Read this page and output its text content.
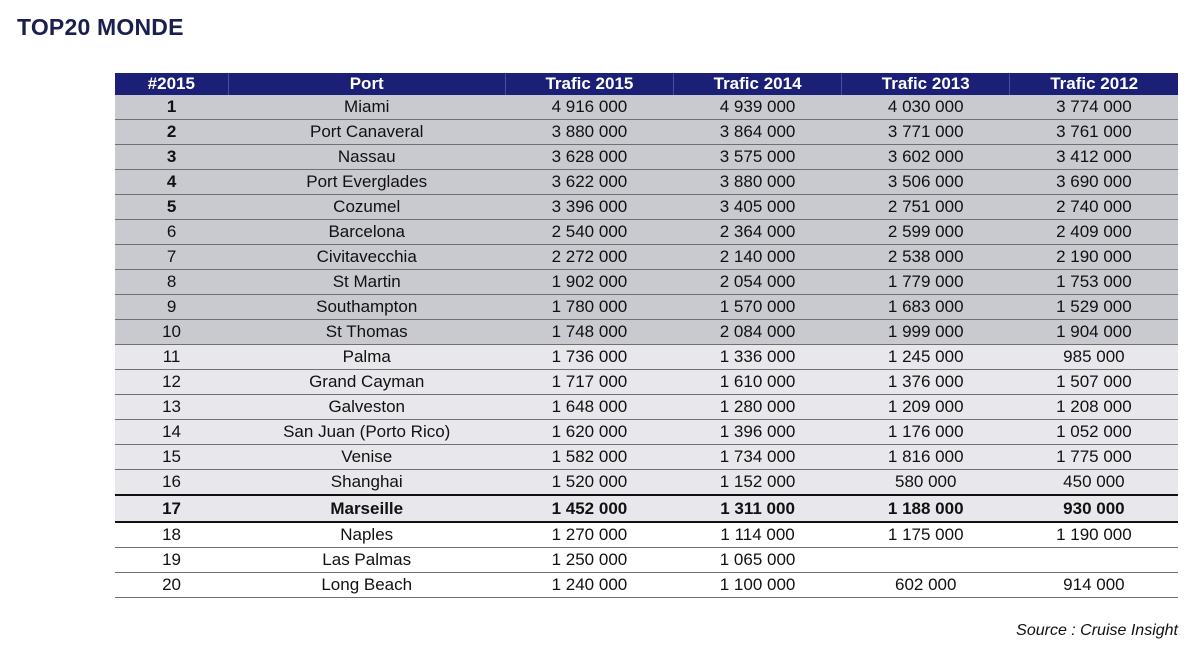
TOP20 MONDE
#2015	Port	Trafic 2015	Trafic 2014	Trafic 2013	Trafic 2012
1	Miami	4 916 000	4 939 000	4 030 000	3 774 000
2	Port Canaveral	3 880 000	3 864 000	3 771 000	3 761 000
3	Nassau	3 628 000	3 575 000	3 602 000	3 412 000
4	Port Everglades	3 622 000	3 880 000	3 506 000	3 690 000
5	Cozumel	3 396 000	3 405 000	2 751 000	2 740 000
6	Barcelona	2 540 000	2 364 000	2 599 000	2 409 000
7	Civitavecchia	2 272 000	2 140 000	2 538 000	2 190 000
8	St Martin	1 902 000	2 054 000	1 779 000	1 753 000
9	Southampton	1 780 000	1 570 000	1 683 000	1 529 000
10	St Thomas	1 748 000	2 084 000	1 999 000	1 904 000
11	Palma	1 736 000	1 336 000	1 245 000	985 000
12	Grand Cayman	1 717 000	1 610 000	1 376 000	1 507 000
13	Galveston	1 648 000	1 280 000	1 209 000	1 208 000
14	San Juan (Porto Rico)	1 620 000	1 396 000	1 176 000	1 052 000
15	Venise	1 582 000	1 734 000	1 816 000	1 775 000
16	Shanghai	1 520 000	1 152 000	580 000	450 000
17	Marseille	1 452 000	1 311 000	1 188 000	930 000
18	Naples	1 270 000	1 114 000	1 175 000	1 190 000
19	Las Palmas	1 250 000	1 065 000		
20	Long Beach	1 240 000	1 100 000	602 000	914 000
Source : Cruise Insight
